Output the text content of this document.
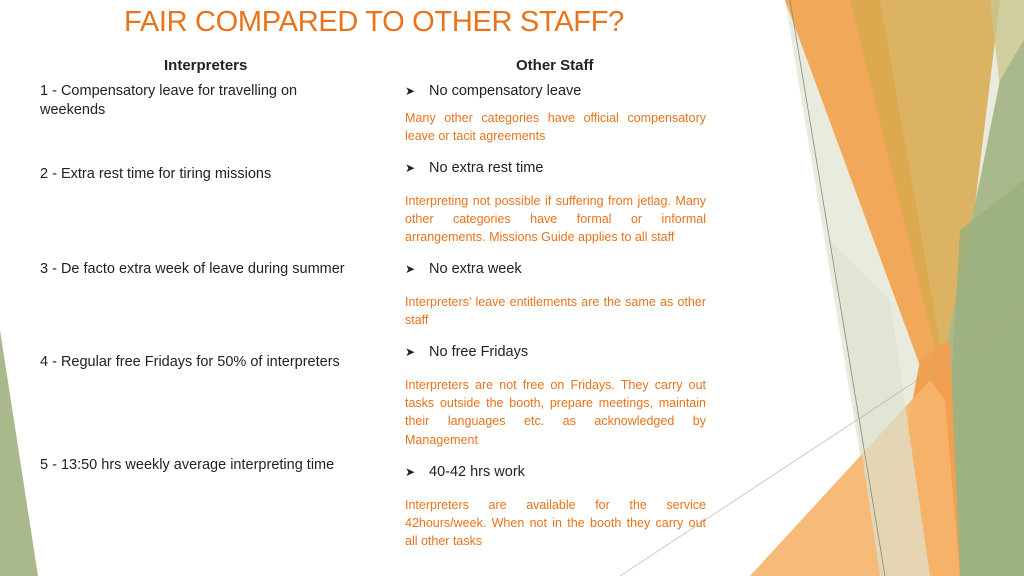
FAIR COMPARED TO OTHER STAFF?
Interpreters	Other Staff
1 - Compensatory leave for travelling on weekends
2 - Extra rest time for tiring missions
3 - De facto extra week of leave during summer
4 - Regular free Fridays for 50% of interpreters
5 - 13:50 hrs weekly average interpreting time
➤ No compensatory leave
Many other categories have official compensatory leave or tacit agreements
➤ No extra rest time
Interpreting not possible if suffering from jetlag. Many other categories have formal or informal arrangements. Missions Guide applies to all staff
➤ No extra week
Interpreters’ leave entitlements are the same as other staff
➤ No free Fridays
Interpreters are not free on Fridays. They carry out tasks outside the booth, prepare meetings, maintain their languages etc. as acknowledged by Management
➤ 40-42 hrs work
Interpreters are available for the service 42hours/week. When not in the booth they carry out all other tasks
